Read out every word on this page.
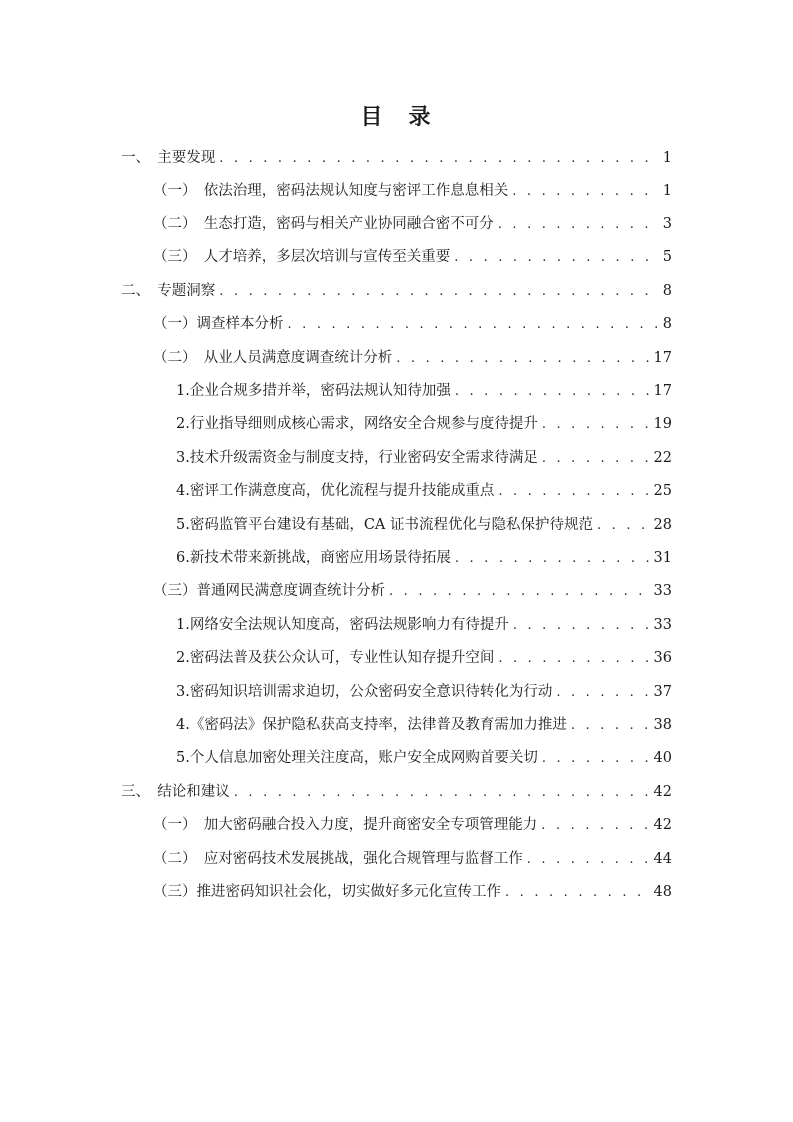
目　录
一、　主要发现 . . .	1
（一）　依法治理，密码法规认知度与密评工作息息相关 . . .	1
（二）　生态打造，密码与相关产业协同融合密不可分 . . .	3
（三）　人才培养，多层次培训与宣传至关重要 . . .	5
二、　专题洞察 . . .	8
（一）调查样本分析 . . .	8
（二）　从业人员满意度调查统计分析 . . .	17
1.企业合规多措并举，密码法规认知待加强 . . .	17
2.行业指导细则成核心需求，网络安全合规参与度待提升 . . .	19
3.技术升级需资金与制度支持，行业密码安全需求待满足 . . .	22
4.密评工作满意度高，优化流程与提升技能成重点 . . .	25
5.密码监管平台建设有基础，CA 证书流程优化与隐私保护待规范 . . .	28
6.新技术带来新挑战，商密应用场景待拓展 . . .	31
（三）普通网民满意度调查统计分析 . . .	33
1.网络安全法规认知度高，密码法规影响力有待提升 . . .	33
2.密码法普及获公众认可，专业性认知存提升空间 . . .	36
3.密码知识培训需求迫切，公众密码安全意识待转化为行动 . . .	37
4.《密码法》保护隐私获高支持率，法律普及教育需加力推进 . . .	38
5.个人信息加密处理关注度高，账户安全成网购首要关切 . . .	40
三、　结论和建议 . . .	42
（一）　加大密码融合投入力度，提升商密安全专项管理能力 . . .	42
（二）　应对密码技术发展挑战，强化合规管理与监督工作 . . .	44
（三）推进密码知识社会化，切实做好多元化宣传工作 . . .	48
